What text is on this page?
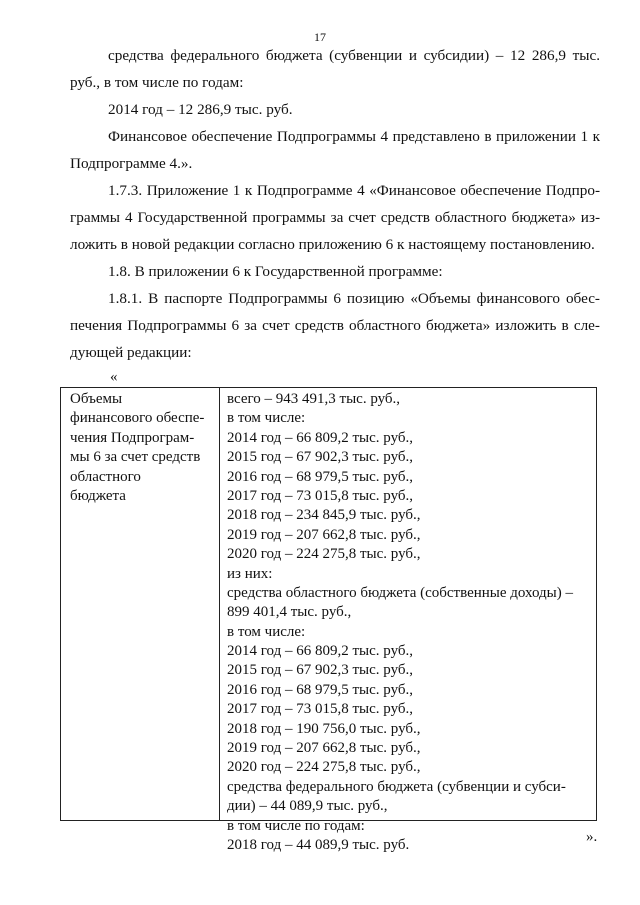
17
средства федерального бюджета (субвенции и субсидии) – 12 286,9 тыс.
руб., в том числе по годам:
2014 год – 12 286,9 тыс. руб.
Финансовое обеспечение Подпрограммы 4 представлено в приложении 1 к
Подпрограмме 4.».
1.7.3. Приложение 1 к Подпрограмме 4 «Финансовое обеспечение Подпро-
граммы 4 Государственной программы за счет средств областного бюджета» из-
ложить в новой редакции согласно приложению 6 к настоящему постановлению.
1.8. В приложении 6 к Государственной программе:
1.8.1. В паспорте Подпрограммы 6 позицию «Объемы финансового обес-
печения Подпрограммы 6 за счет средств областного бюджета» изложить в сле-
дующей редакции:
«
Объемы
финансового обеспе-
чения Подпрограм-
мы 6 за счет средств
областного
бюджета
всего – 943 491,3 тыс. руб.,
в том числе:
2014 год – 66 809,2 тыс. руб.,
2015 год – 67 902,3 тыс. руб.,
2016 год – 68 979,5 тыс. руб.,
2017 год – 73 015,8 тыс. руб.,
2018 год – 234 845,9 тыс. руб.,
2019 год – 207 662,8 тыс. руб.,
2020 год – 224 275,8 тыс. руб.,
из них:
средства областного бюджета (собственные доходы) –
899 401,4 тыс. руб.,
в том числе:
2014 год – 66 809,2 тыс. руб.,
2015 год – 67 902,3 тыс. руб.,
2016 год – 68 979,5 тыс. руб.,
2017 год – 73 015,8 тыс. руб.,
2018 год – 190 756,0 тыс. руб.,
2019 год – 207 662,8 тыс. руб.,
2020 год – 224 275,8 тыс. руб.,
средства федерального бюджета (субвенции и субси-
дии) – 44 089,9 тыс. руб.,
в том числе по годам:
2018 год – 44 089,9 тыс. руб.	».
